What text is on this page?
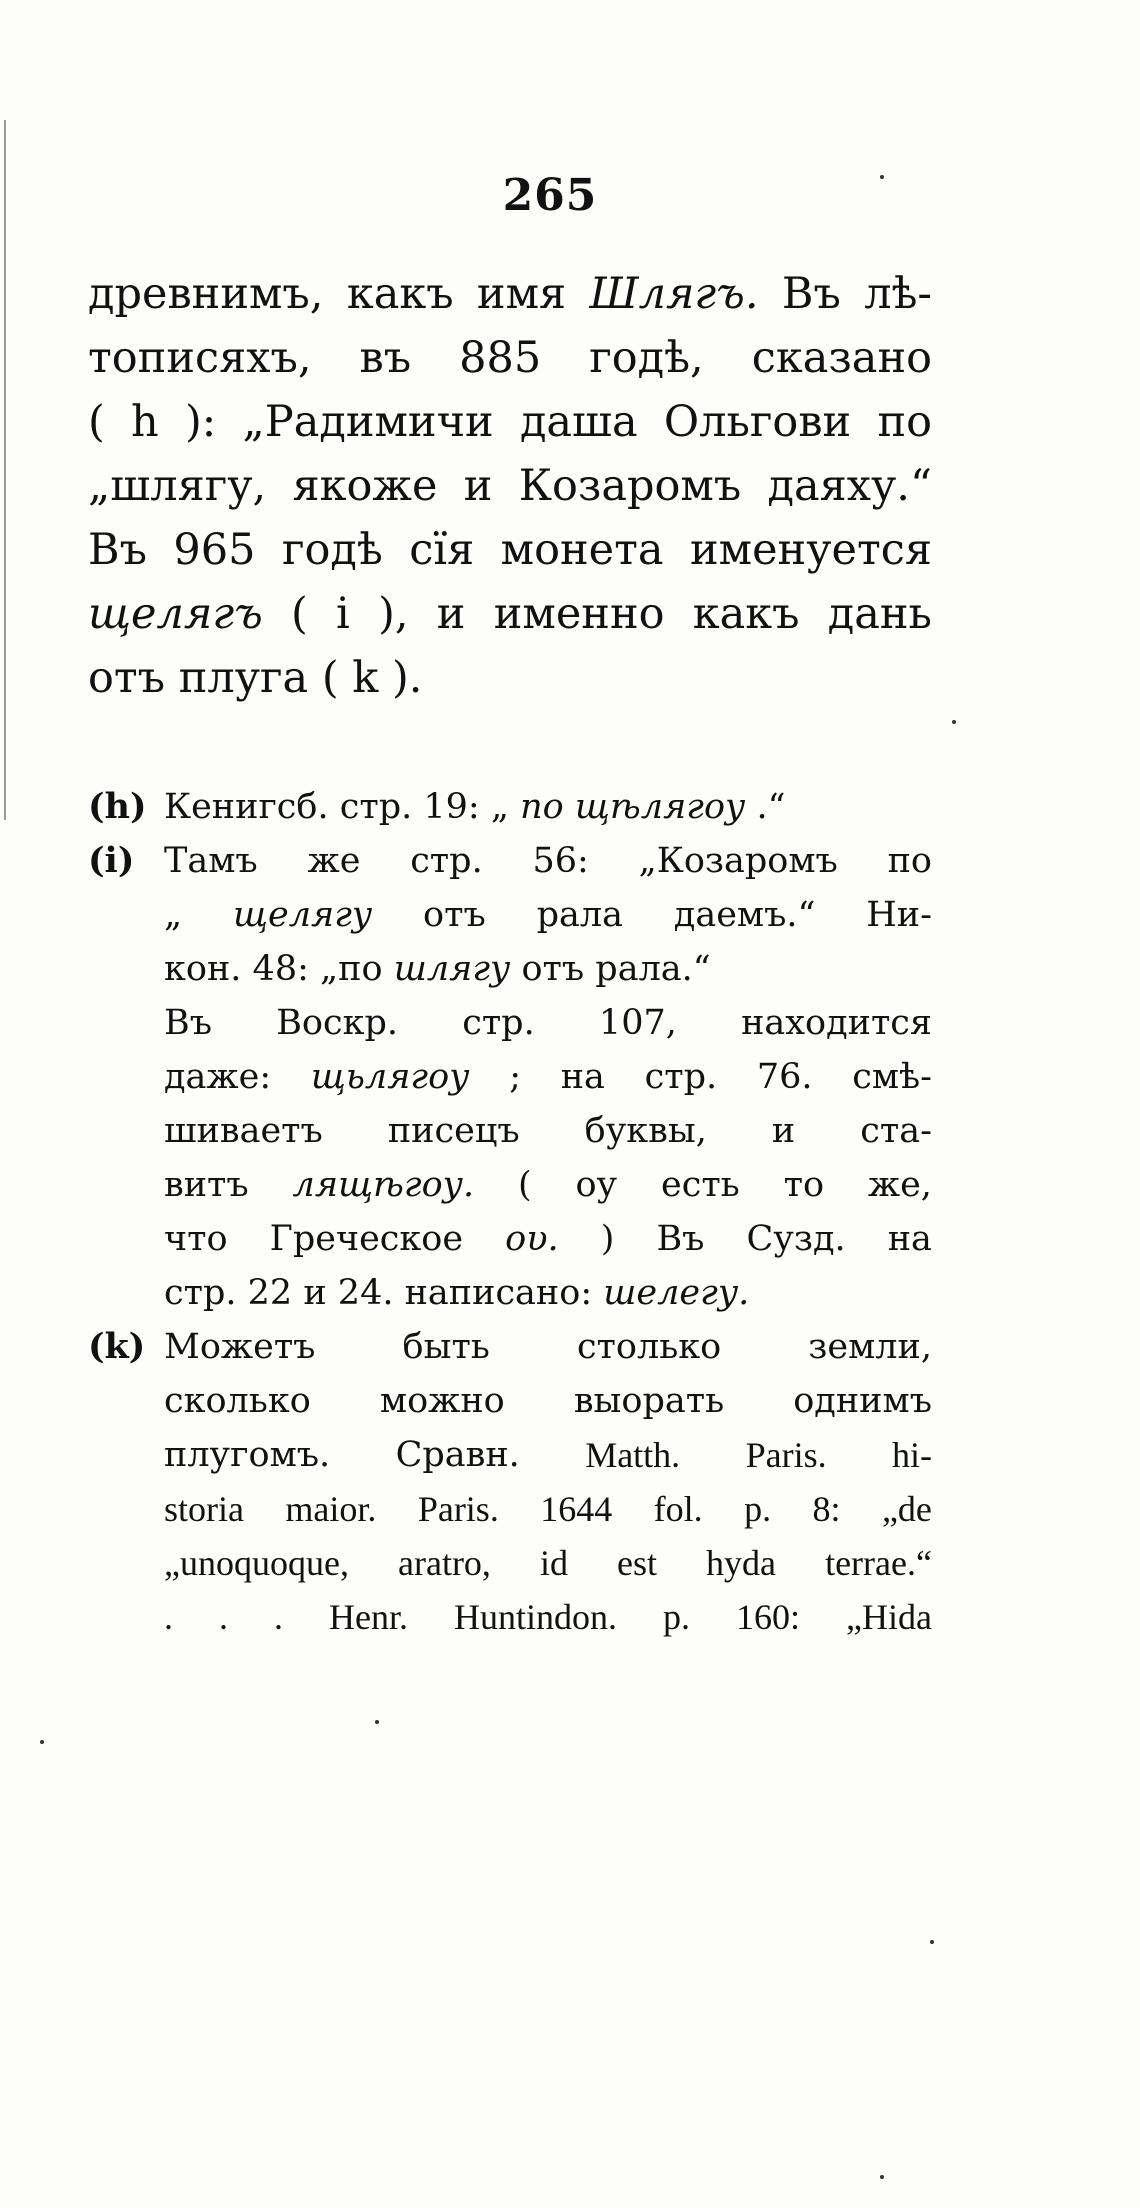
265
древнимъ, какъ имя Шлягъ. Въ лѣ-
тописяхъ, въ 885 годѣ, сказано
( h ): „Радимичи даша Ольгови по
„шлягу, якоже и Козаромъ даяху.“
Въ 965 годѣ сїя монета именуется
щелягъ ( i ), и именно какъ дань
отъ плуга ( k ).
(h) Кенигсб. стр. 19: „ по щѣлягоу .“
(i) Тамъ же стр. 56: „Козаромъ по
„ щелягу отъ рала даемъ.“ Ни-
кон. 48: „по шлягу отъ рала.“
Въ Воскр. стр. 107, находится
даже: щьлягоу ; на стр. 76. смѣ-
шиваетъ писецъ буквы, и ста-
витъ лящѣгоу. ( оу есть то же,
что Греческое ου. ) Въ Сузд. на
стр. 22 и 24. написано: шелегу.
(k) Можетъ быть столько земли,
сколько можно выорать однимъ
плугомъ. Сравн. Matth. Paris. hi-
storia maior. Paris. 1644 fol. p. 8: „de
„unoquoque, aratro, id est hyda terrae.“
. . . Henr. Huntindon. p. 160: „Hida
